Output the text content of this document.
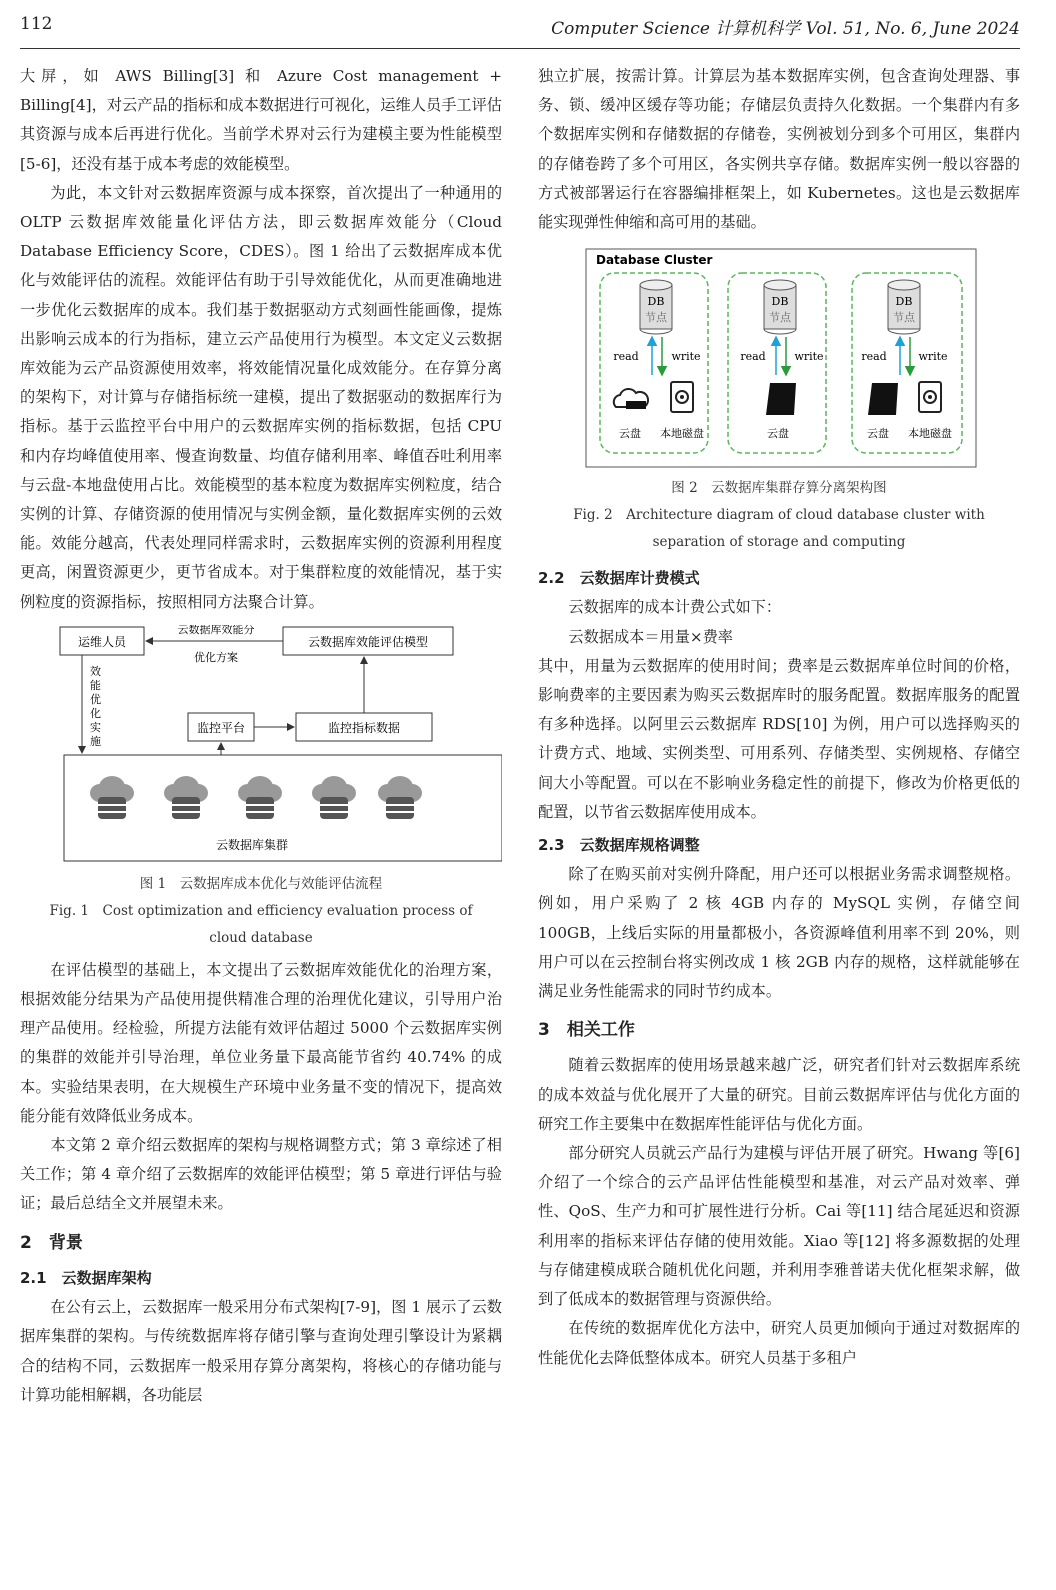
112	Computer Science 计算机科学 Vol. 51, No. 6, June 2024

大屏，如 AWS Billing[3] 和 Azure Cost management + Billing[4]，对云产品的指标和成本数据进行可视化，运维人员手工评估其资源与成本后再进行优化。当前学术界对云行为建模主要为性能模型[5-6]，还没有基于成本考虑的效能模型。

为此，本文针对云数据库资源与成本探察，首次提出了一种通用的 OLTP 云数据库效能量化评估方法，即云数据库效能分（Cloud Database Efficiency Score，CDES）。图 1 给出了云数据库成本优化与效能评估的流程。效能评估有助于引导效能优化，从而更准确地进一步优化云数据库的成本。我们基于数据驱动方式刻画性能画像，提炼出影响云成本的行为指标，建立云产品使用行为模型。本文定义云数据库效能为云产品资源使用效率，将效能情况量化成效能分。在存算分离的架构下，对计算与存储指标统一建模，提出了数据驱动的数据库行为指标。基于云监控平台中用户的云数据库实例的指标数据，包括 CPU 和内存均峰值使用率、慢查询数量、均值存储利用率、峰值吞吐利用率与云盘-本地盘使用占比。效能模型的基本粒度为数据库实例粒度，结合实例的计算、存储资源的使用情况与实例金额，量化数据库实例的云效能。效能分越高，代表处理同样需求时，云数据库实例的资源利用程度更高，闲置资源更少，更节省成本。对于集群粒度的效能情况，基于实例粒度的资源指标，按照相同方法聚合计算。

运维人员	云数据库效能评估模型
云数据库效能分
优化方案
效能优 化实施
监控平台	监控指标数据
云数据库集群
图 1　云数据库成本优化与效能评估流程
Fig. 1　Cost optimization and efficiency evaluation process of
cloud database

在评估模型的基础上，本文提出了云数据库效能优化的治理方案，根据效能分结果为产品使用提供精准合理的治理优化建议，引导用户治理产品使用。经检验，所提方法能有效评估超过 5000 个云数据库实例的集群的效能并引导治理，单位业务量下最高能节省约 40.74% 的成本。实验结果表明，在大规模生产环境中业务量不变的情况下，提高效能分能有效降低业务成本。

本文第 2 章介绍云数据库的架构与规格调整方式；第 3 章综述了相关工作；第 4 章介绍了云数据库的效能评估模型；第 5 章进行评估与验证；最后总结全文并展望未来。

2　背景
2.1　云数据库架构

在公有云上，云数据库一般采用分布式架构[7-9]，图 1 展示了云数据库集群的架构。与传统数据库将存储引擎与查询处理引擎设计为紧耦合的结构不同，云数据库一般采用存算分离架构，将核心的存储功能与计算功能相解耦，各功能层

独立扩展，按需计算。计算层为基本数据库实例，包含查询处理器、事务、锁、缓冲区缓存等功能；存储层负责持久化数据。一个集群内有多个数据库实例和存储数据的存储卷，实例被划分到多个可用区，集群内的存储卷跨了多个可用区，各实例共享存储。数据库实例一般以容器的方式被部署运行在容器编排框架上，如 Kubernetes。这也是云数据库能实现弹性伸缩和高可用的基础。

Database Cluster
DB
节点
read	write
云盘 本地磁盘
DB
节点
read	write
云盘
DB
节点
read	write
云盘 本地磁盘
图 2　云数据库集群存算分离架构图
Fig. 2　Architecture diagram of cloud database cluster with
separation of storage and computing
2.2　云数据库计费模式

云数据库的成本计费公式如下：

云数据成本＝用量×费率

其中，用量为云数据库的使用时间；费率是云数据库单位时间的价格，影响费率的主要因素为购买云数据库时的服务配置。数据库服务的配置有多种选择。以阿里云云数据库 RDS[10] 为例，用户可以选择购买的计费方式、地域、实例类型、可用系列、存储类型、实例规格、存储空间大小等配置。可以在不影响业务稳定性的前提下，修改为价格更低的配置，以节省云数据库使用成本。

2.3　云数据库规格调整

除了在购买前对实例升降配，用户还可以根据业务需求调整规格。例如，用户采购了 2 核 4GB 内存的 MySQL 实例，存储空间 100GB，上线后实际的用量都极小，各资源峰值利用率不到 20%，则用户可以在云控制台将实例改成 1 核 2GB 内存的规格，这样就能够在满足业务性能需求的同时节约成本。

3　相关工作

随着云数据库的使用场景越来越广泛，研究者们针对云数据库系统的成本效益与优化展开了大量的研究。目前云数据库评估与优化方面的研究工作主要集中在数据库性能评估与优化方面。

部分研究人员就云产品行为建模与评估开展了研究。Hwang 等[6] 介绍了一个综合的云产品评估性能模型和基准，对云产品对效率、弹性、QoS、生产力和可扩展性进行分析。Cai 等[11] 结合尾延迟和资源利用率的指标来评估存储的使用效能。Xiao 等[12] 将多源数据的处理与存储建模成联合随机优化问题，并利用李雅普诺夫优化框架求解，做到了低成本的数据管理与资源供给。

在传统的数据库优化方法中，研究人员更加倾向于通过对数据库的性能优化去降低整体成本。研究人员基于多租户
